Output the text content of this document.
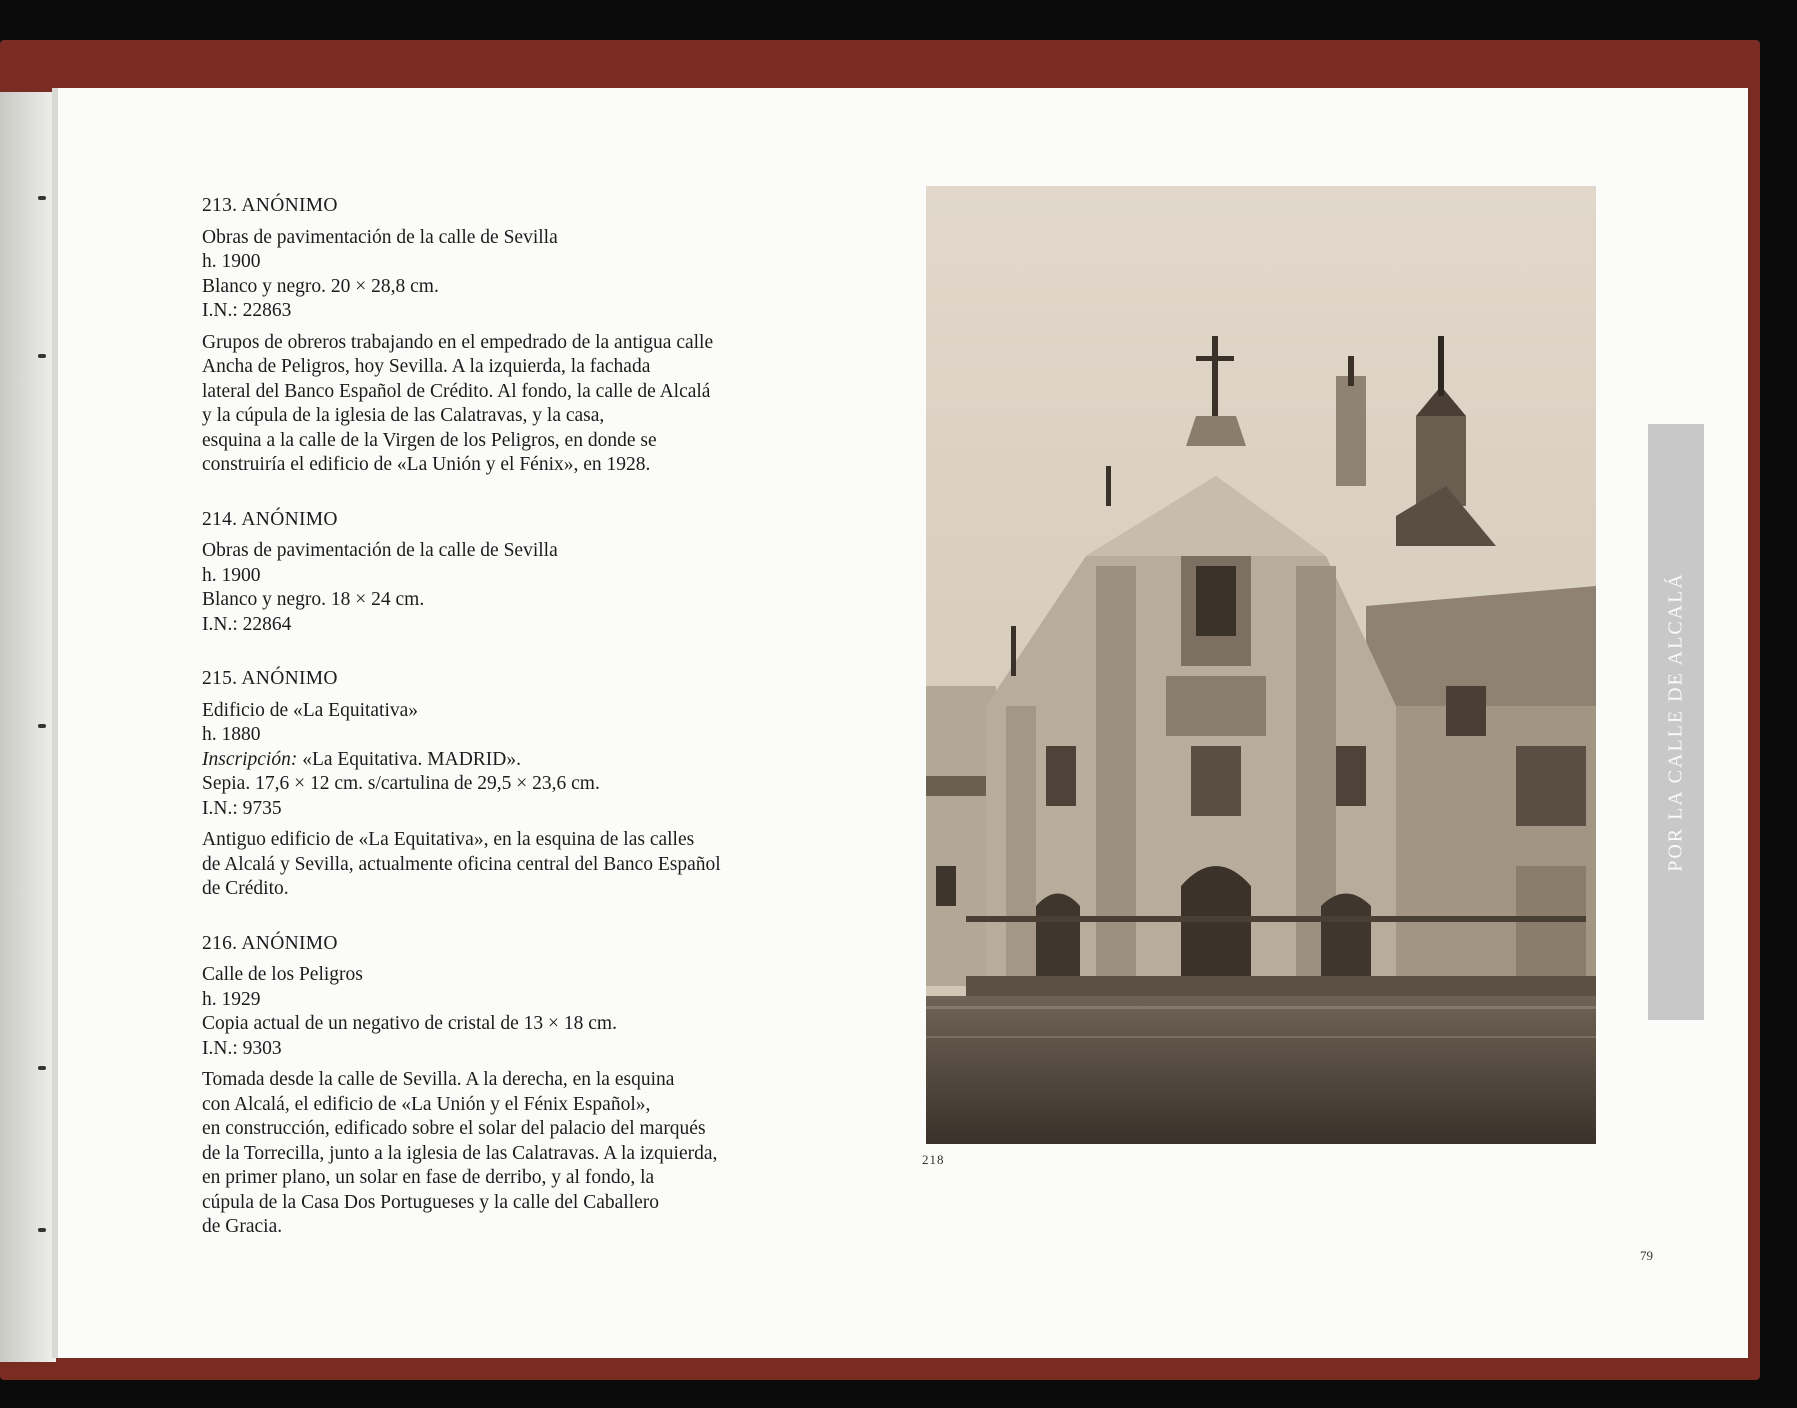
213. ANÓNIMO
Obras de pavimentación de la calle de Sevilla
h. 1900
Blanco y negro. 20 × 28,8 cm.
I.N.: 22863
Grupos de obreros trabajando en el empedrado de la antigua calle
Ancha de Peligros, hoy Sevilla. A la izquierda, la fachada
lateral del Banco Español de Crédito. Al fondo, la calle de Alcalá
y la cúpula de la iglesia de las Calatravas, y la casa,
esquina a la calle de la Virgen de los Peligros, en donde se
construiría el edificio de «La Unión y el Fénix», en 1928.
214. ANÓNIMO
Obras de pavimentación de la calle de Sevilla
h. 1900
Blanco y negro. 18 × 24 cm.
I.N.: 22864
215. ANÓNIMO
Edificio de «La Equitativa»
h. 1880
Inscripción: «La Equitativa. MADRID».
Sepia. 17,6 × 12 cm. s/cartulina de 29,5 × 23,6 cm.
I.N.: 9735
Antiguo edificio de «La Equitativa», en la esquina de las calles
de Alcalá y Sevilla, actualmente oficina central del Banco Español
de Crédito.
216. ANÓNIMO
Calle de los Peligros
h. 1929
Copia actual de un negativo de cristal de 13 × 18 cm.
I.N.: 9303
Tomada desde la calle de Sevilla. A la derecha, en la esquina
con Alcalá, el edificio de «La Unión y el Fénix Español»,
en construcción, edificado sobre el solar del palacio del marqués
de la Torrecilla, junto a la iglesia de las Calatravas. A la izquierda,
en primer plano, un solar en fase de derribo, y al fondo, la
cúpula de la Casa Dos Portugueses y la calle del Caballero
de Gracia.
218
POR LA CALLE DE ALCALÁ
79
